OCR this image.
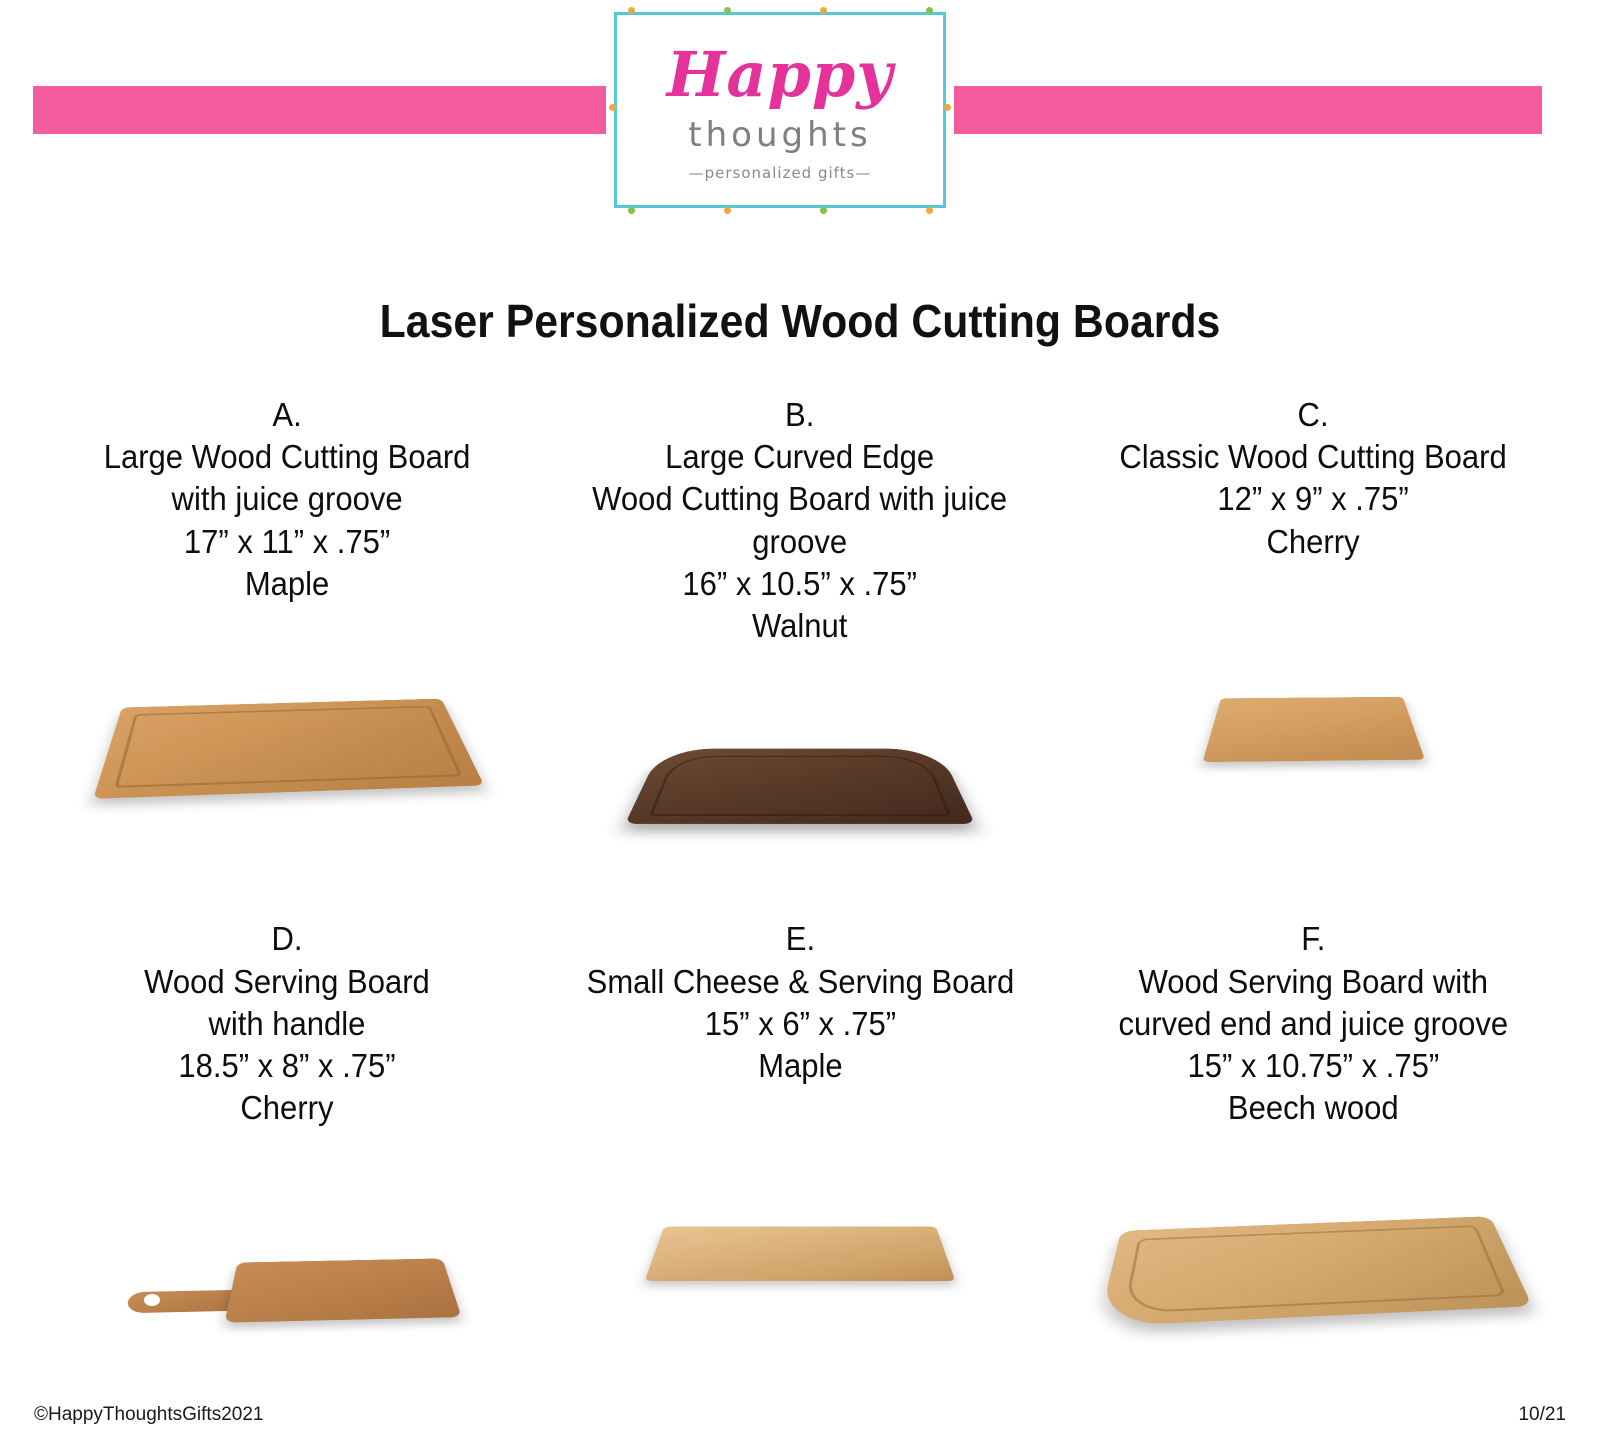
Happy
thoughts
—personalized gifts—
Laser Personalized Wood Cutting Boards
A.
Large Wood Cutting Board
with juice groove
17” x 11” x .75”
Maple
B.
Large Curved Edge
Wood Cutting Board with juice groove
16” x 10.5” x .75”
Walnut
C.
Classic Wood Cutting Board
12” x 9” x .75”
Cherry
D.
Wood Serving Board
with handle
18.5” x 8” x .75”
Cherry
E.
Small Cheese & Serving Board
15” x 6” x .75”
Maple
F.
Wood Serving Board with
curved end and juice groove
15” x 10.75” x .75”
Beech wood
©HappyThoughtsGifts2021	10/21
